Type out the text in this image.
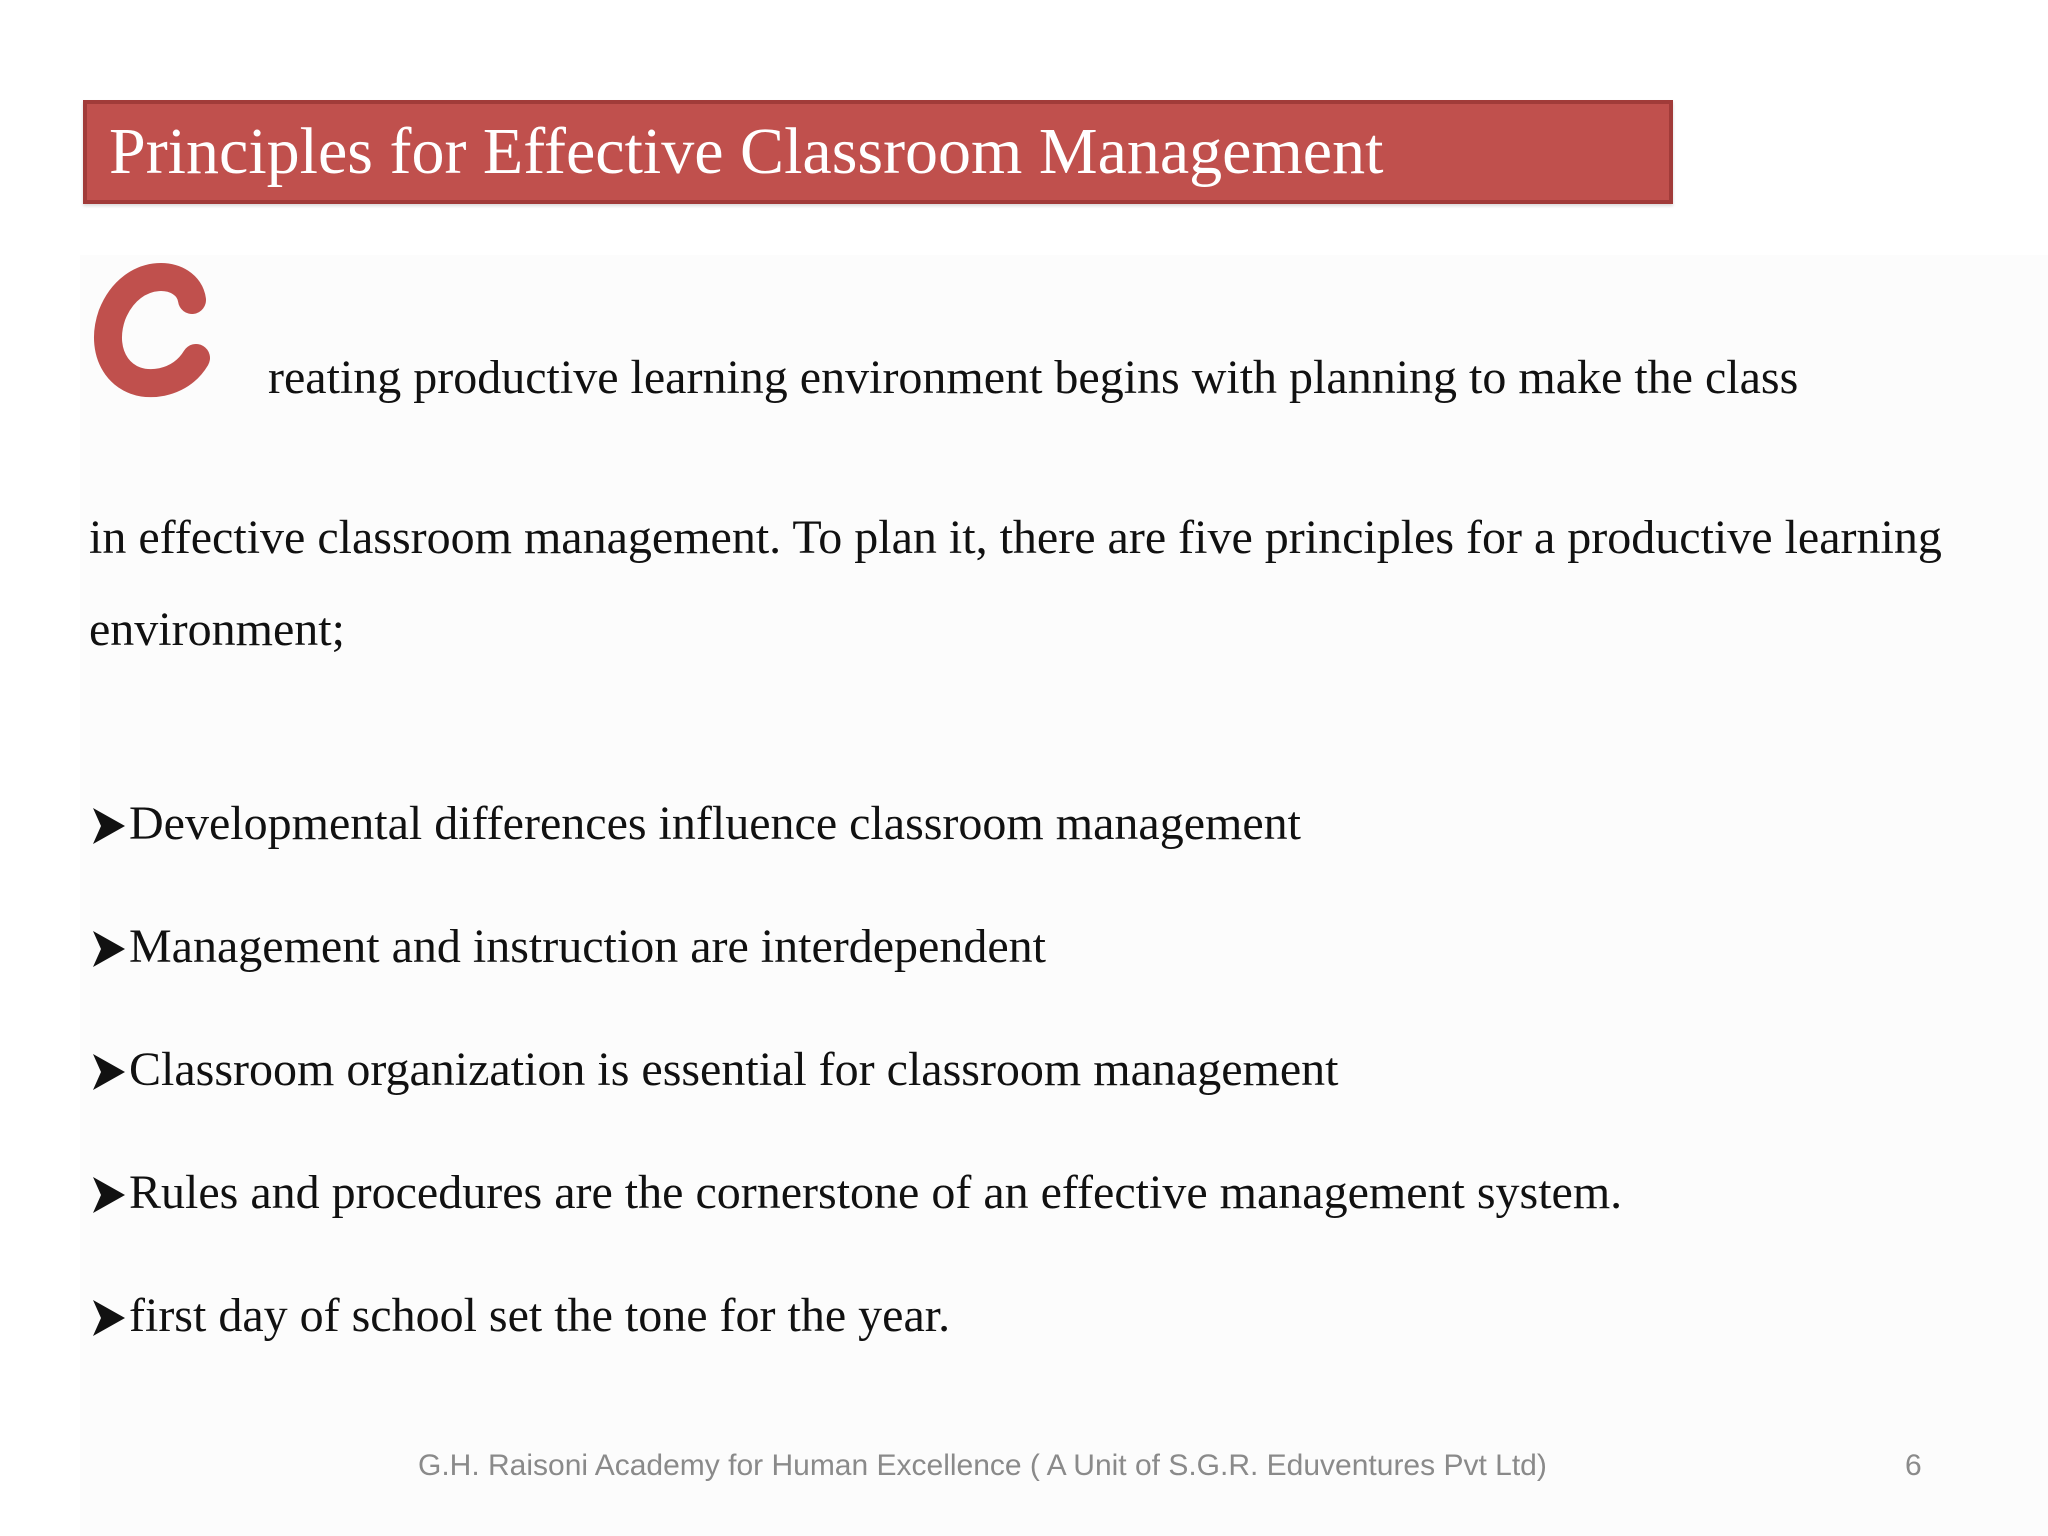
Principles for Effective Classroom Management
reating productive learning environment begins with planning to make the class

in effective classroom management. To plan it, there are five principles for a productive learning environment;

Developmental differences influence classroom management
Management and instruction are interdependent
Classroom organization is essential for classroom management
Rules and procedures are the cornerstone of an effective management system.
first day of school set the tone for the year.
G.H. Raisoni Academy for Human Excellence ( A Unit of S.G.R. Eduventures Pvt Ltd)	6
